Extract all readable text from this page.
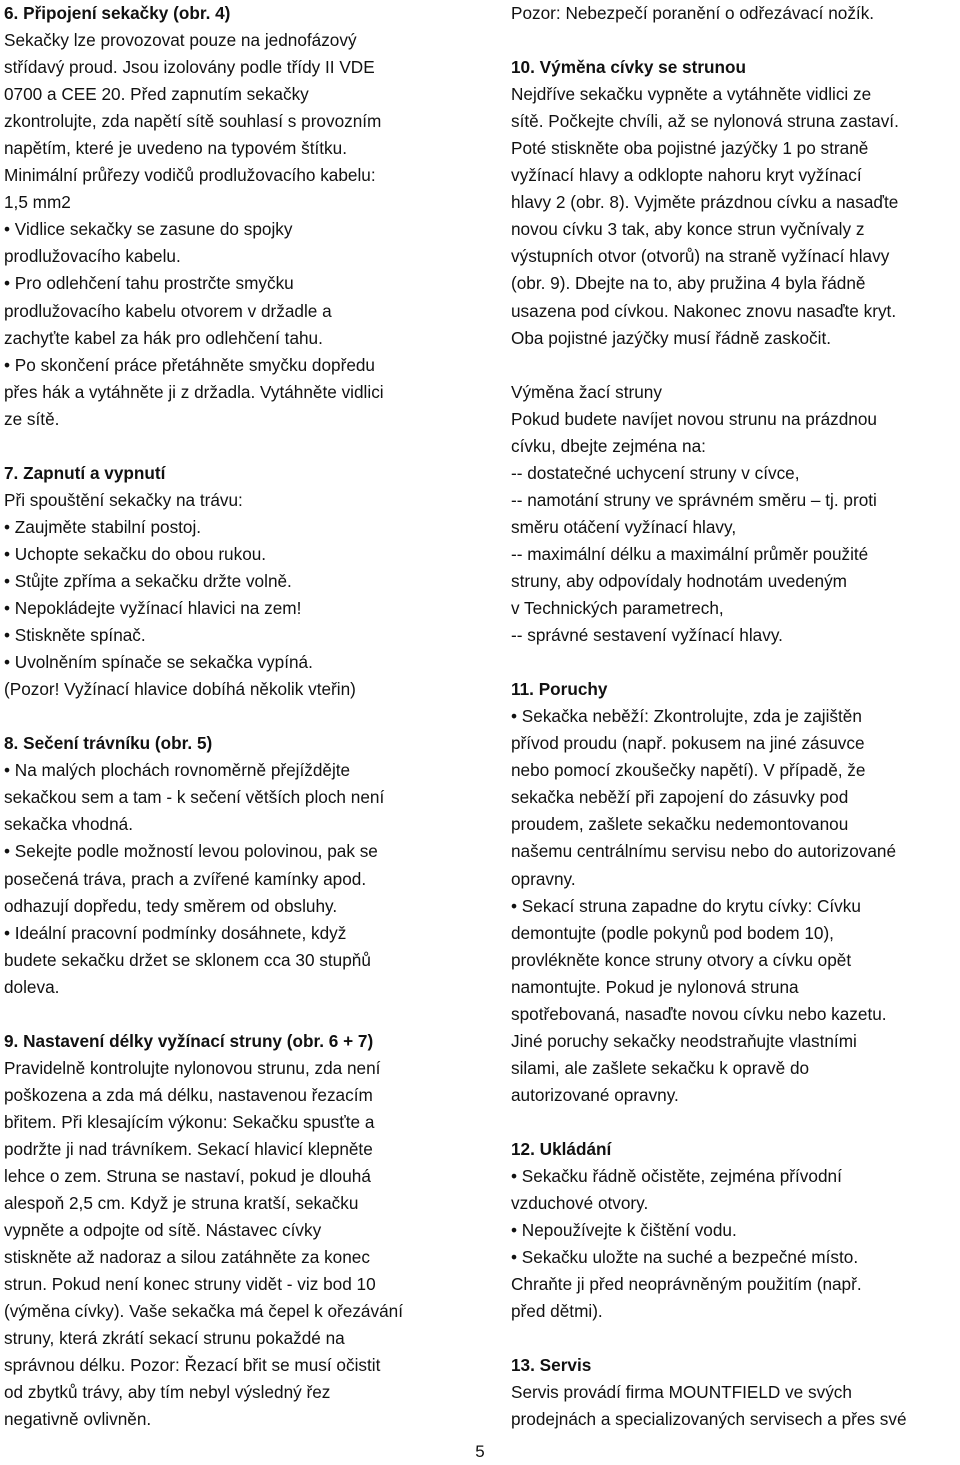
6. Připojení sekačky (obr. 4)
Sekačky lze provozovat pouze na jednofázový
střídavý proud. Jsou izolovány podle třídy II VDE
0700 a CEE 20. Před zapnutím sekačky
zkontrolujte, zda napětí sítě souhlasí s provozním
napětím, které je uvedeno na typovém štítku.
Minimální průřezy vodičů prodlužovacího kabelu:
1,5 mm2
• Vidlice sekačky se zasune do spojky
prodlužovacího kabelu.
• Pro odlehčení tahu prostrčte smyčku
prodlužovacího kabelu otvorem v držadle a
zachyťte kabel za hák pro odlehčení tahu.
• Po skončení práce přetáhněte smyčku dopředu
přes hák a vytáhněte ji z držadla. Vytáhněte vidlici
ze sítě.
7. Zapnutí a vypnutí
Při spouštění sekačky na trávu:
• Zaujměte stabilní postoj.
• Uchopte sekačku do obou rukou.
• Stůjte zpříma a sekačku držte volně.
• Nepokládejte vyžínací hlavici na zem!
• Stiskněte spínač.
• Uvolněním spínače se sekačka vypíná.
(Pozor! Vyžínací hlavice dobíhá několik vteřin)
8. Sečení trávníku (obr. 5)
• Na malých plochách rovnoměrně přejíždějte
sekačkou sem a tam - k sečení větších ploch není
sekačka vhodná.
• Sekejte podle možností levou polovinou, pak se
posečená tráva, prach a zvířené kamínky apod.
odhazují dopředu, tedy směrem od obsluhy.
• Ideální pracovní podmínky dosáhnete, když
budete sekačku držet se sklonem cca 30 stupňů
doleva.
9. Nastavení délky vyžínací struny (obr. 6 + 7)
Pravidelně kontrolujte nylonovou strunu, zda není
poškozena a zda má délku, nastavenou řezacím
břitem. Při klesajícím výkonu: Sekačku spusťte a
podržte ji nad trávníkem. Sekací hlavicí klepněte
lehce o zem. Struna se nastaví, pokud je dlouhá
alespoň 2,5 cm. Když je struna kratší, sekačku
vypněte a odpojte od sítě. Nástavec cívky
stiskněte až nadoraz a silou zatáhněte za konec
strun. Pokud není konec struny vidět - viz bod 10
(výměna cívky). Vaše sekačka má čepel k ořezávání
struny, která zkrátí sekací strunu pokaždé na
správnou délku. Pozor: Řezací břit se musí očistit
od zbytků trávy, aby tím nebyl výsledný řez
negativně ovlivněn.
Pozor: Nebezpečí poranění o odřezávací nožík.
10. Výměna cívky se strunou
Nejdříve sekačku vypněte a vytáhněte vidlici ze
sítě. Počkejte chvíli, až se nylonová struna zastaví.
Poté stiskněte oba pojistné jazýčky 1 po straně
vyžínací hlavy a odklopte nahoru kryt vyžínací
hlavy 2 (obr. 8). Vyjměte prázdnou cívku a nasaďte
novou cívku 3 tak, aby konce strun vyčnívaly z
výstupních otvor (otvorů) na straně vyžínací hlavy
(obr. 9). Dbejte na to, aby pružina 4 byla řádně
usazena pod cívkou. Nakonec znovu nasaďte kryt.
Oba pojistné jazýčky musí řádně zaskočit.
Výměna žací struny
Pokud budete navíjet novou strunu na prázdnou
cívku, dbejte zejména na:
-- dostatečné uchycení struny v cívce,
-- namotání struny ve správném směru – tj. proti
směru otáčení vyžínací hlavy,
-- maximální délku a maximální průměr použité
struny, aby odpovídaly hodnotám uvedeným
v Technických parametrech,
-- správné sestavení vyžínací hlavy.
11. Poruchy
• Sekačka neběží: Zkontrolujte, zda je zajištěn
přívod proudu (např. pokusem na jiné zásuvce
nebo pomocí zkoušečky napětí). V případě, že
sekačka neběží při zapojení do zásuvky pod
proudem, zašlete sekačku nedemontovanou
našemu centrálnímu servisu nebo do autorizované
opravny.
• Sekací struna zapadne do krytu cívky: Cívku
demontujte (podle pokynů pod bodem 10),
provlékněte konce struny otvory a cívku opět
namontujte. Pokud je nylonová struna
spotřebovaná, nasaďte novou cívku nebo kazetu.
Jiné poruchy sekačky neodstraňujte vlastními
silami, ale zašlete sekačku k opravě do
autorizované opravny.
12. Ukládání
• Sekačku řádně očistěte, zejména přívodní
vzduchové otvory.
• Nepoužívejte k čištění vodu.
• Sekačku uložte na suché a bezpečné místo.
Chraňte ji před neoprávněným použitím (např.
před dětmi).
13. Servis
Servis provádí firma MOUNTFIELD ve svých
prodejnách a specializovaných servisech a přes své
5
